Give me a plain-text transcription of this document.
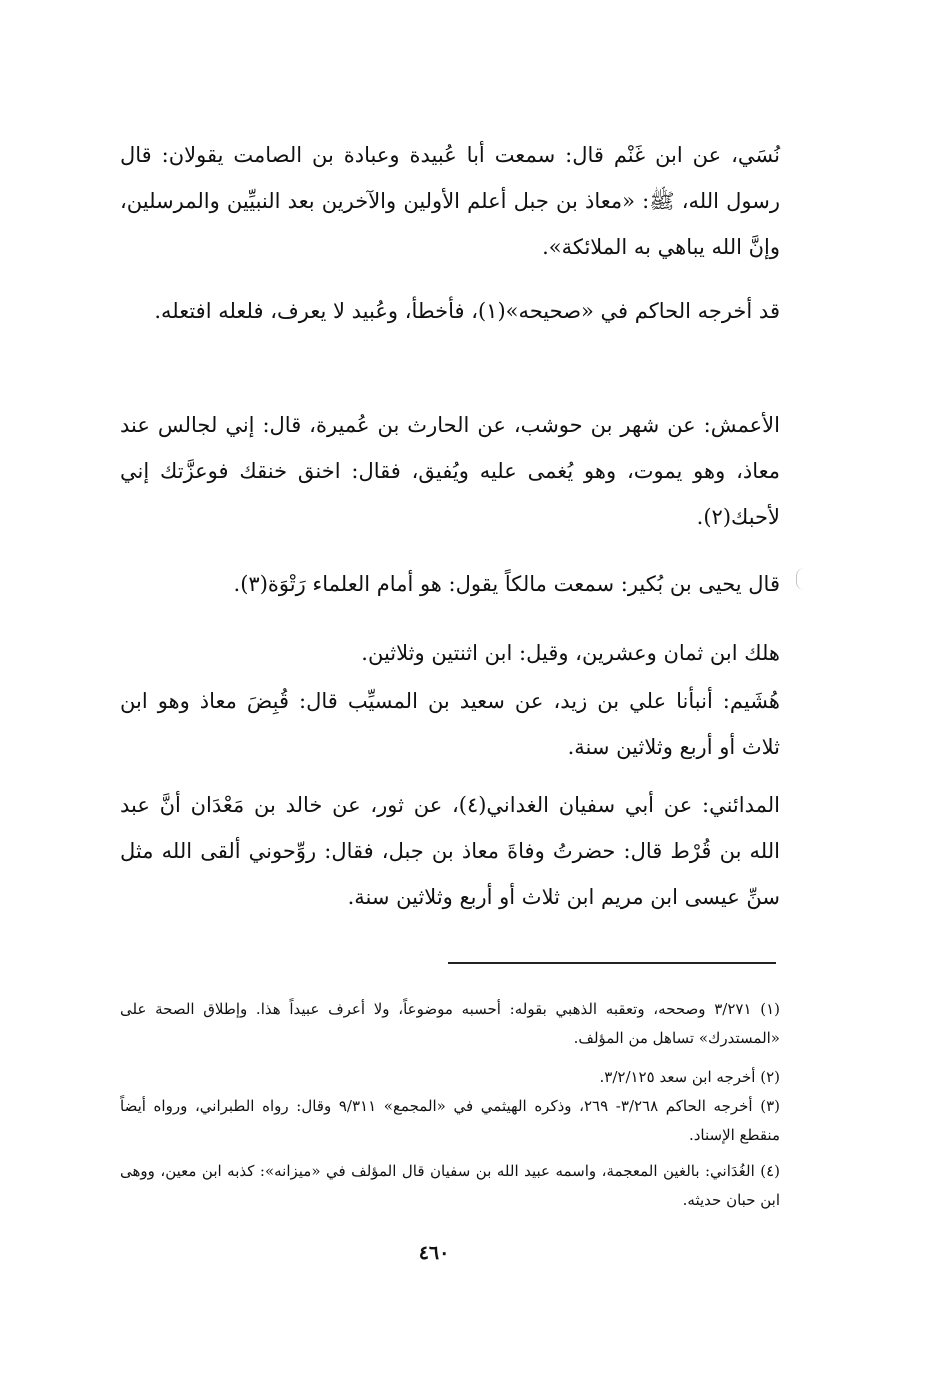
نُسَي، عن ابن غَنْم قال: سمعت أبا عُبيدة وعبادة بن الصامت يقولان: قال رسول الله، ﷺ: «معاذ بن جبل أعلم الأولين والآخرين بعد النبيِّين والمرسلين، وإنَّ الله يباهي به الملائكة».

قد أخرجه الحاكم في «صحيحه»(١)، فأخطأ، وعُبيد لا يعرف، فلعله افتعله.

الأعمش: عن شهر بن حوشب، عن الحارث بن عُميرة، قال: إني لجالس عند معاذ، وهو يموت، وهو يُغمى عليه ويُفيق، فقال: اخنق خنقك فوعزَّتك إني لأحبك(٢).

قال يحيى بن بُكير: سمعت مالكاً يقول: هو أمام العلماء رَتْوَة(٣).

هلك ابن ثمان وعشرين، وقيل: ابن اثنتين وثلاثين.

هُشَيم: أنبأنا علي بن زيد، عن سعيد بن المسيِّب قال: قُبِضَ معاذ وهو ابن ثلاث أو أربع وثلاثين سنة.

المدائني: عن أبي سفيان الغداني(٤)، عن ثور، عن خالد بن مَعْدَان أنَّ عبد الله بن قُرْط قال: حضرتُ وفاةَ معاذ بن جبل، فقال: روِّحوني ألقى الله مثل سنِّ عيسى ابن مريم ابن ثلاث أو أربع وثلاثين سنة.

(١) ٣/٢٧١ وصححه، وتعقبه الذهبي بقوله: أحسبه موضوعاً، ولا أعرف عبيداً هذا. وإطلاق الصحة على «المستدرك» تساهل من المؤلف.

(٢) أخرجه ابن سعد ٣/٢/١٢٥.

(٣) أخرجه الحاكم ٣/٢٦٨- ٢٦٩، وذكره الهيثمي في «المجمع» ٩/٣١١ وقال: رواه الطبراني، ورواه أيضاً منقطع الإسناد.

(٤) الغُدَاني: بالغين المعجمة، واسمه عبيد الله بن سفيان قال المؤلف في «ميزانه»: كذبه ابن معين، ووهى ابن حبان حديثه.

٤٦٠
